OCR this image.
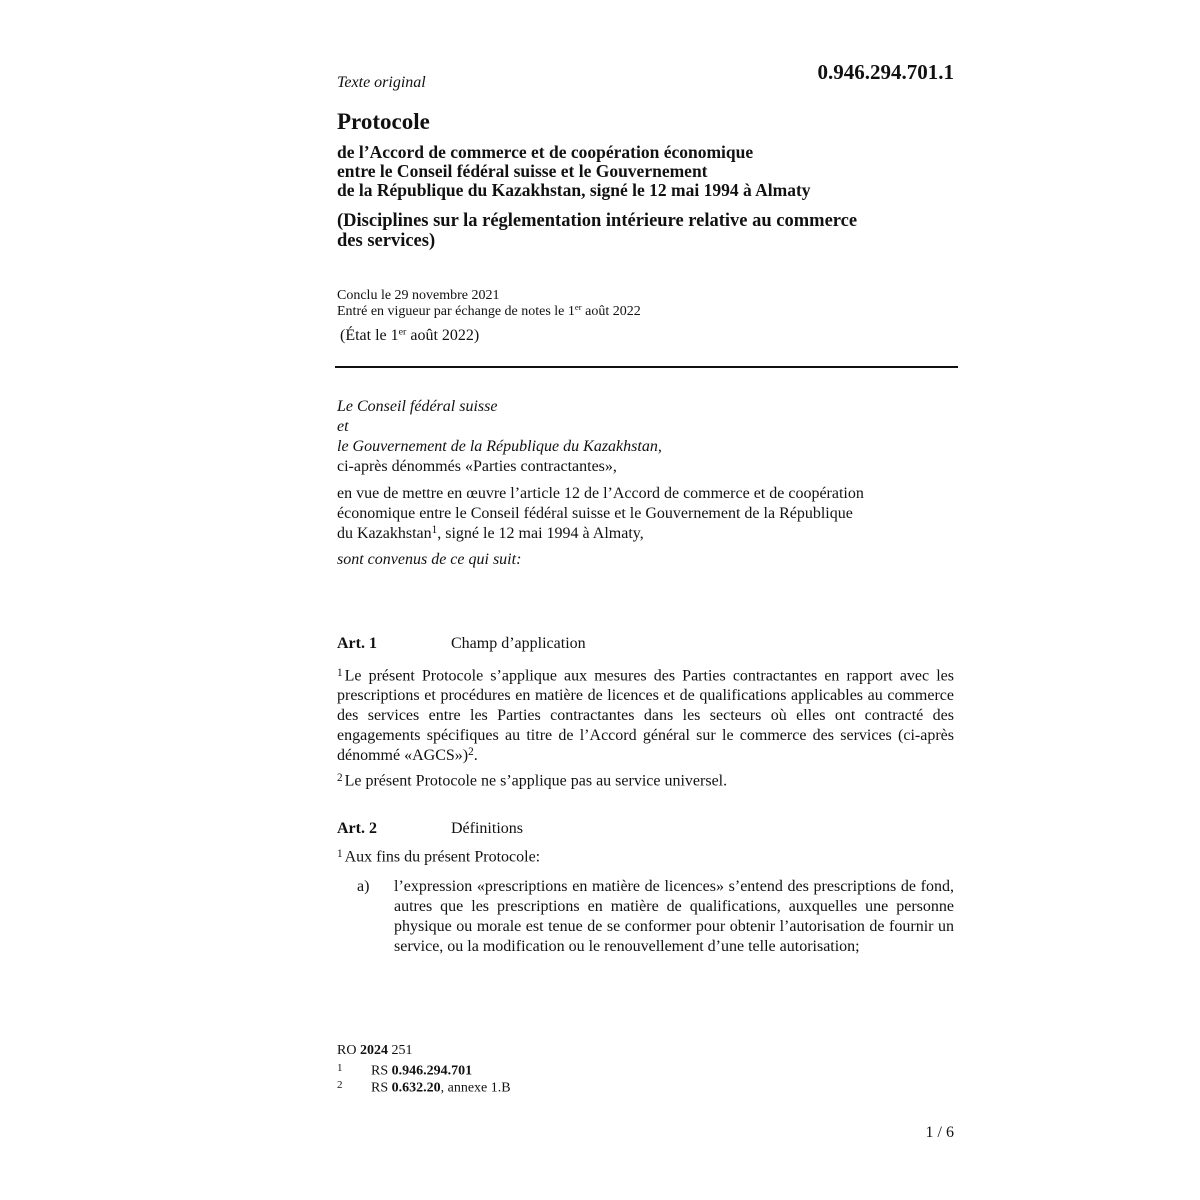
0.946.294.701.1
Texte original
Protocole
de l’Accord de commerce et de coopération économique
entre le Conseil fédéral suisse et le Gouvernement
de la République du Kazakhstan, signé le 12 mai 1994 à Almaty
(Disciplines sur la réglementation intérieure relative au commerce
des services)
Conclu le 29 novembre 2021
Entré en vigueur par échange de notes le 1er août 2022
(État le 1er août 2022)
Le Conseil fédéral suisse
et
le Gouvernement de la République du Kazakhstan,
ci-après dénommés «Parties contractantes»,
en vue de mettre en œuvre l’article 12 de l’Accord de commerce et de coopération
économique entre le Conseil fédéral suisse et le Gouvernement de la République
du Kazakhstan$^1$, signé le 12 mai 1994 à Almaty,
sont convenus de ce qui suit:
Art. 1	Champ d’application
$^1$ Le présent Protocole s’applique aux mesures des Parties contractantes en rapport avec les prescriptions et procédures en matière de licences et de qualifications applicables au commerce des services entre les Parties contractantes dans les secteurs où elles ont contracté des engagements spécifiques au titre de l’Accord général sur le commerce des services (ci-après dénommé «AGCS»)$^2$.
$^2$ Le présent Protocole ne s’applique pas au service universel.
Art. 2	Définitions
$^1$ Aux fins du présent Protocole:
a) l’expression «prescriptions en matière de licences» s’entend des prescriptions de fond, autres que les prescriptions en matière de qualifications, auxquelles une personne physique ou morale est tenue de se conformer pour obtenir l’autorisation de fournir un service, ou la modification ou le renouvellement d’une telle autorisation;
RO 2024 251
1 RS 0.946.294.701
2 RS 0.632.20, annexe 1.B
1 / 6
